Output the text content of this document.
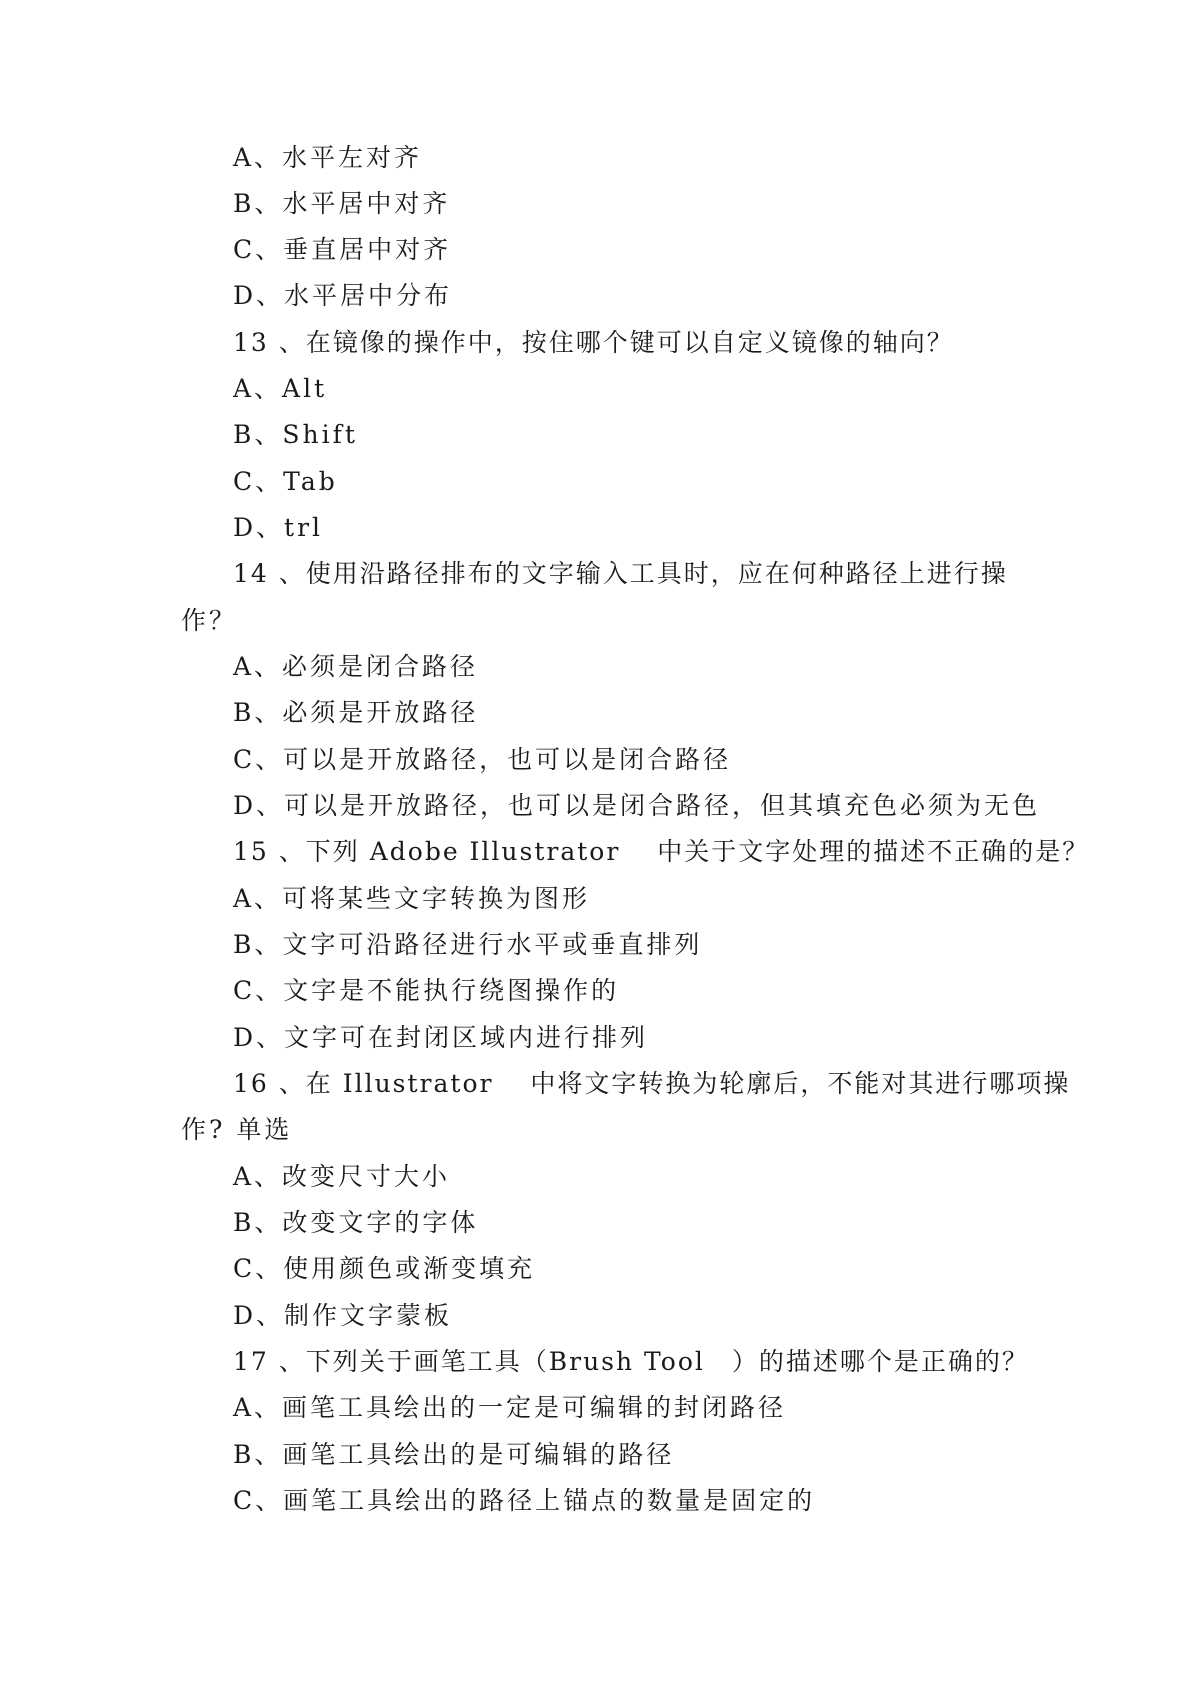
A、水平左对齐
B、水平居中对齐
C、垂直居中对齐
D、水平居中分布
13 、在镜像的操作中，按住哪个键可以自定义镜像的轴向？
A、Alt
B、Shift
C、Tab
D、trl
14 、使用沿路径排布的文字输入工具时，应在何种路径上进行操
作？
A、必须是闭合路径
B、必须是开放路径
C、可以是开放路径，也可以是闭合路径
D、可以是开放路径，也可以是闭合路径，但其填充色必须为无色
15 、下列 Adobe Illustrator　 中关于文字处理的描述不正确的是？
A、可将某些文字转换为图形
B、文字可沿路径进行水平或垂直排列
C、文字是不能执行绕图操作的
D、文字可在封闭区域内进行排列
16 、在 Illustrator　 中将文字转换为轮廓后，不能对其进行哪项操
作? 单选
A、改变尺寸大小
B、改变文字的字体
C、使用颜色或渐变填充
D、制作文字蒙板
17 、下列关于画笔工具（Brush Tool　）的描述哪个是正确的？
A、画笔工具绘出的一定是可编辑的封闭路径
B、画笔工具绘出的是可编辑的路径
C、画笔工具绘出的路径上锚点的数量是固定的
